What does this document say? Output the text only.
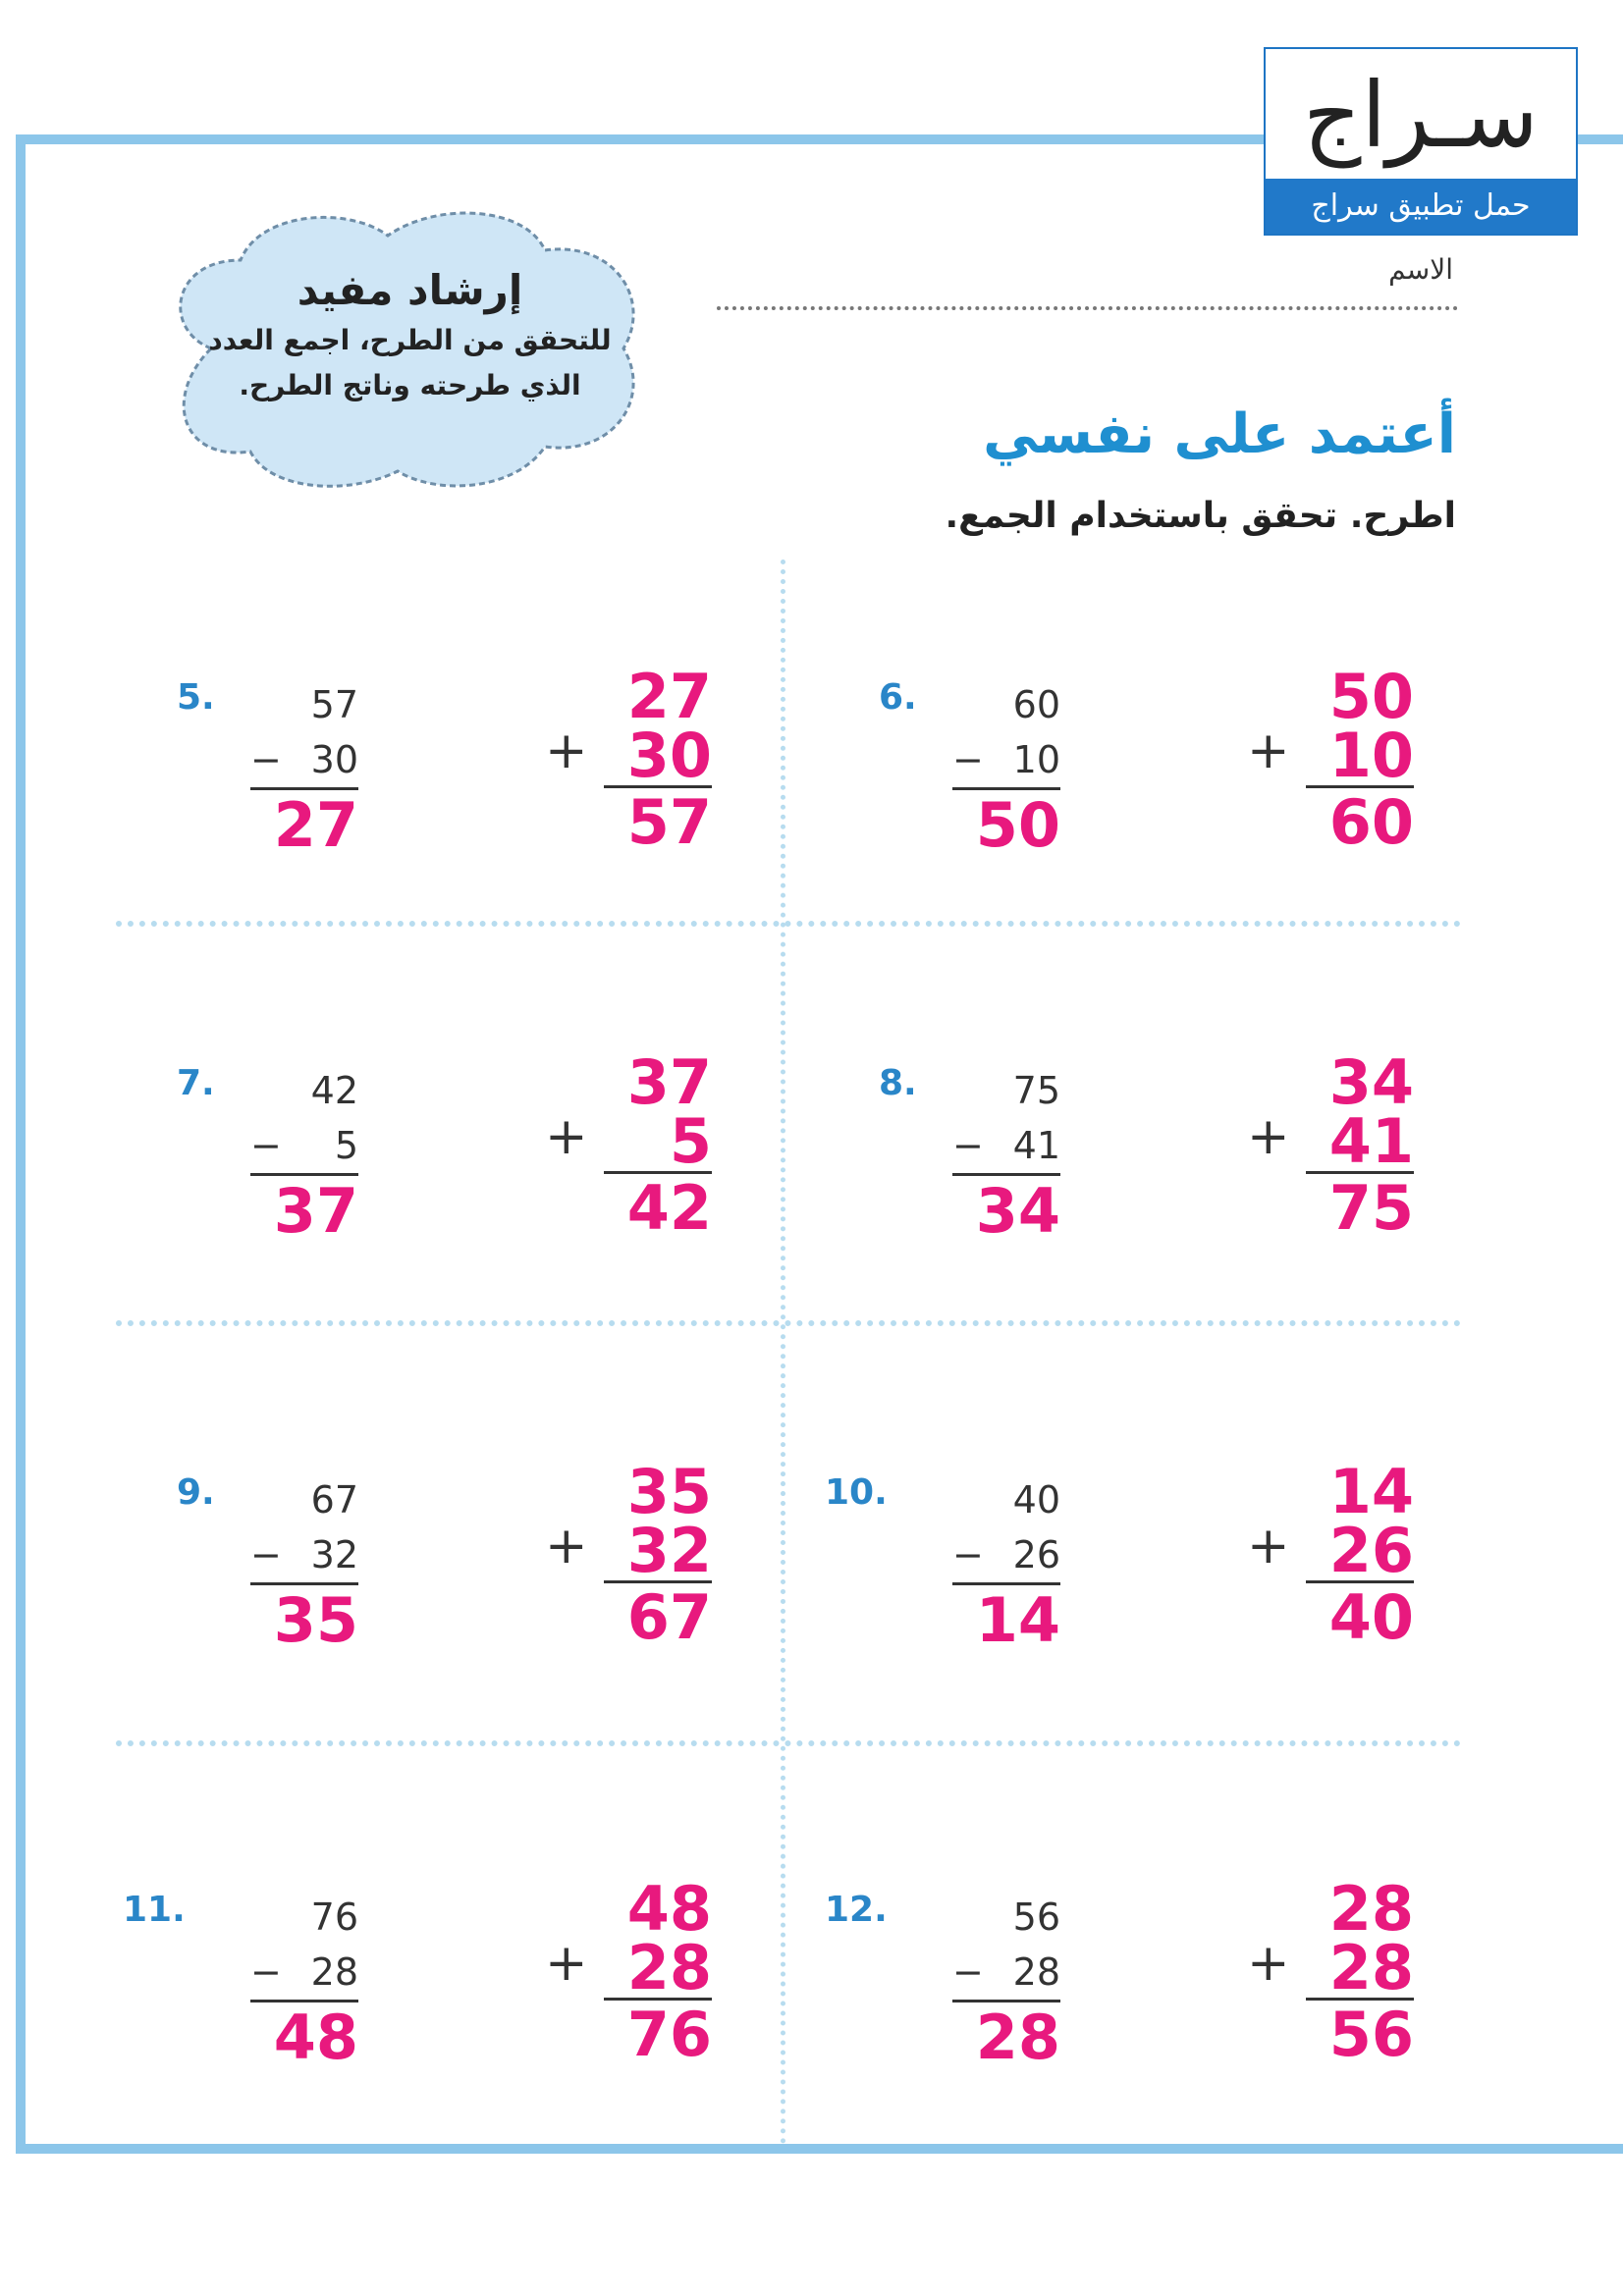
سـراج
حمل تطبيق سراج
الاسم
إرشاد مفيد
للتحقق من الطرح، اجمع العدد الذي طرحته وناتج الطرح.
أعتمد على نفسي
اطرح. تحقق باستخدام الجمع.
5.	57
− 30
27
+
27
30
57
6.	60
− 10
50
+
50
10
60
7.	42
− 5
37
+
37
5
42
8.	75
− 41
34
+
34
41
75
9.	67
− 32
35
+
35
32
67
10.	40
− 26
14
+
14
26
40
11.	76
− 28
48
+
48
28
76
12.	56
− 28
28
+
28
28
56
